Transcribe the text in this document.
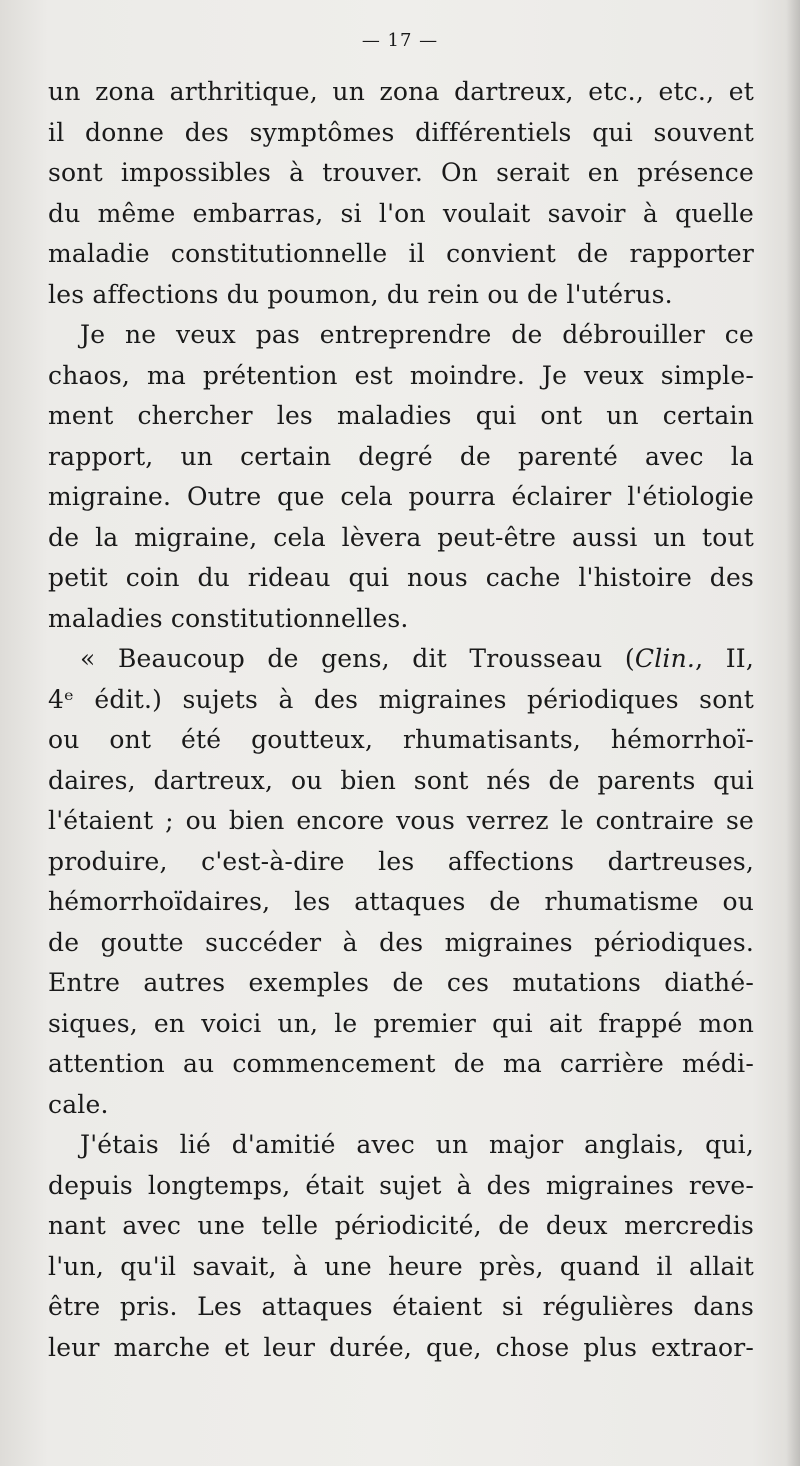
— 17 —
un zona arthritique, un zona dartreux, etc., etc., et
il donne des symptômes différentiels qui souvent
sont impossibles à trouver. On serait en présence
du même embarras, si l'on voulait savoir à quelle
maladie constitutionnelle il convient de rapporter
les affections du poumon, du rein ou de l'utérus.
Je ne veux pas entreprendre de débrouiller ce
chaos, ma prétention est moindre. Je veux simple-
ment chercher les maladies qui ont un certain
rapport, un certain degré de parenté avec la
migraine. Outre que cela pourra éclairer l'étiologie
de la migraine, cela lèvera peut-être aussi un tout
petit coin du rideau qui nous cache l'histoire des
maladies constitutionnelles.
« Beaucoup de gens, dit Trousseau (Clin., II,
4ᵉ édit.) sujets à des migraines périodiques sont
ou ont été goutteux, rhumatisants, hémorrhoï-
daires, dartreux, ou bien sont nés de parents qui
l'étaient ; ou bien encore vous verrez le contraire se
produire, c'est-à-dire les affections dartreuses,
hémorrhoïdaires, les attaques de rhumatisme ou
de goutte succéder à des migraines périodiques.
Entre autres exemples de ces mutations diathé-
siques, en voici un, le premier qui ait frappé mon
attention au commencement de ma carrière médi-
cale.
J'étais lié d'amitié avec un major anglais, qui,
depuis longtemps, était sujet à des migraines reve-
nant avec une telle périodicité, de deux mercredis
l'un, qu'il savait, à une heure près, quand il allait
être pris. Les attaques étaient si régulières dans
leur marche et leur durée, que, chose plus extraor-
